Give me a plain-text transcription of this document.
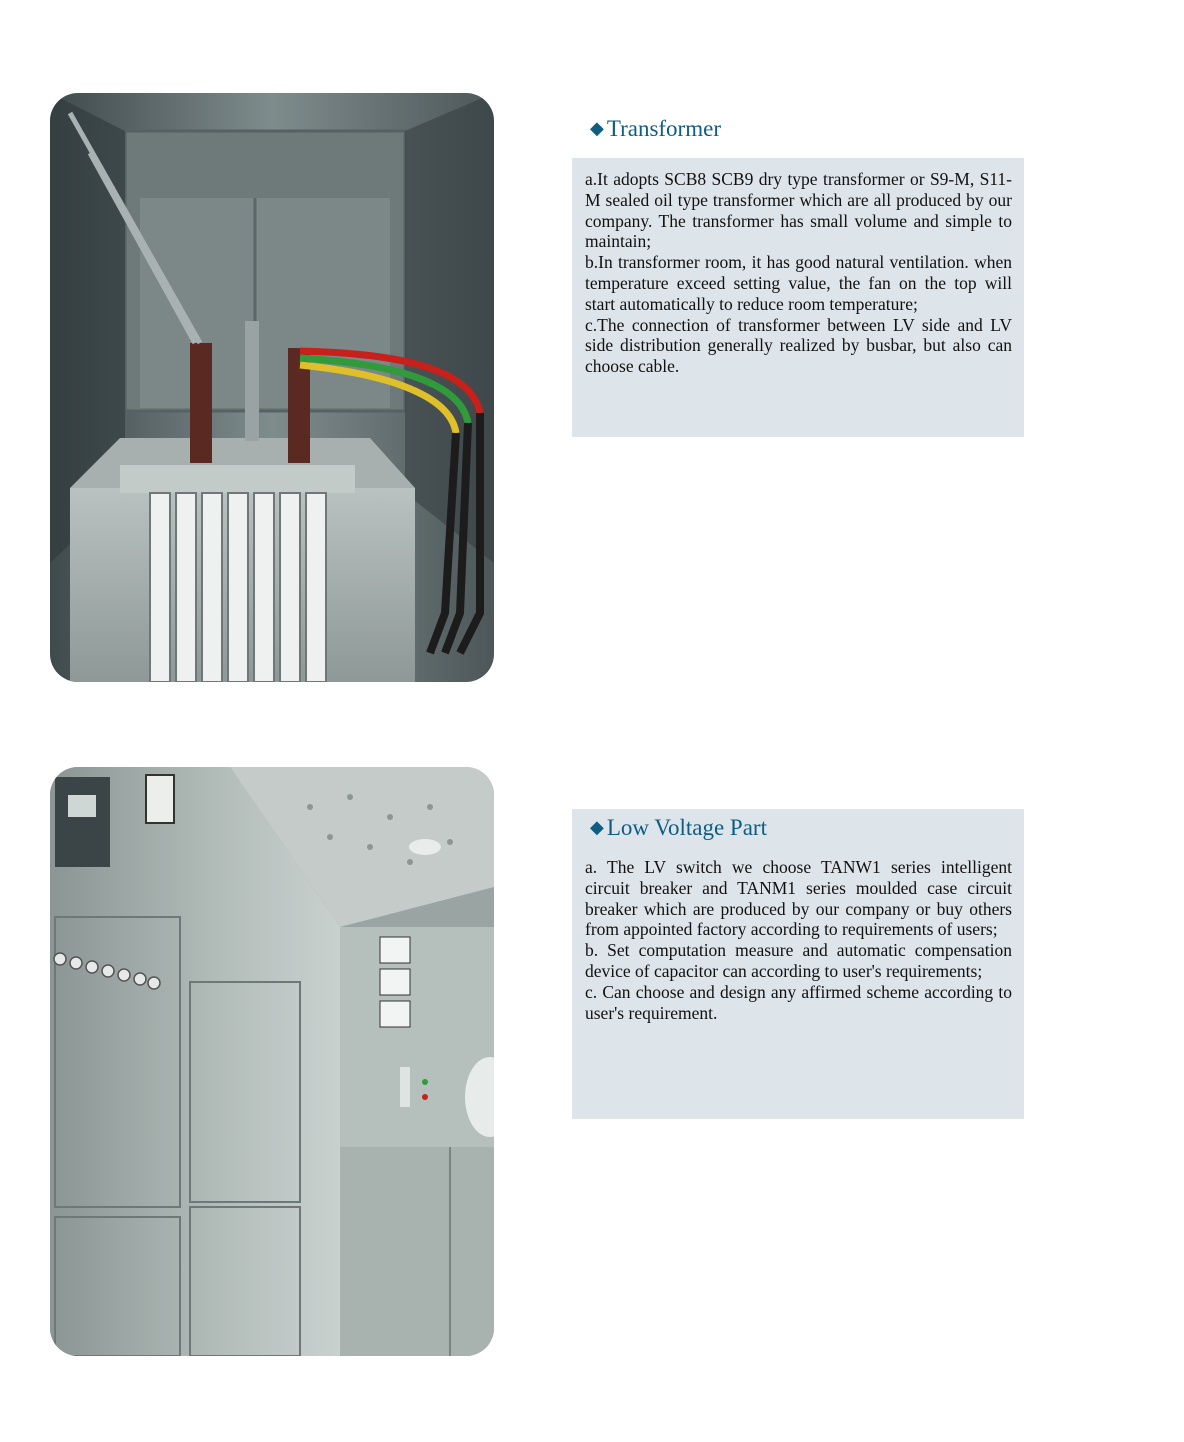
◆ Transformer

a.It adopts SCB8 SCB9 dry type transformer or S9-M, S11-M sealed oil type transformer which are all produced by our company. The transformer has small volume and simple to maintain;

b.In transformer room, it has good natural ventilation. when temperature exceed setting value, the fan on the top will start automatically to reduce room temperature;

c.The connection of transformer between LV side and LV side distribution generally realized by busbar, but also can choose cable.

a. The LV switch we choose TANW1 series intelligent circuit breaker and TANM1 series moulded case circuit breaker which are produced by our company or buy others from appointed factory according to requirements of users;

b. Set computation measure and automatic compensation device of capacitor can according to user's requirements;

c. Can choose and design any affirmed scheme according to user's requirement.

◆ Low Voltage Part
